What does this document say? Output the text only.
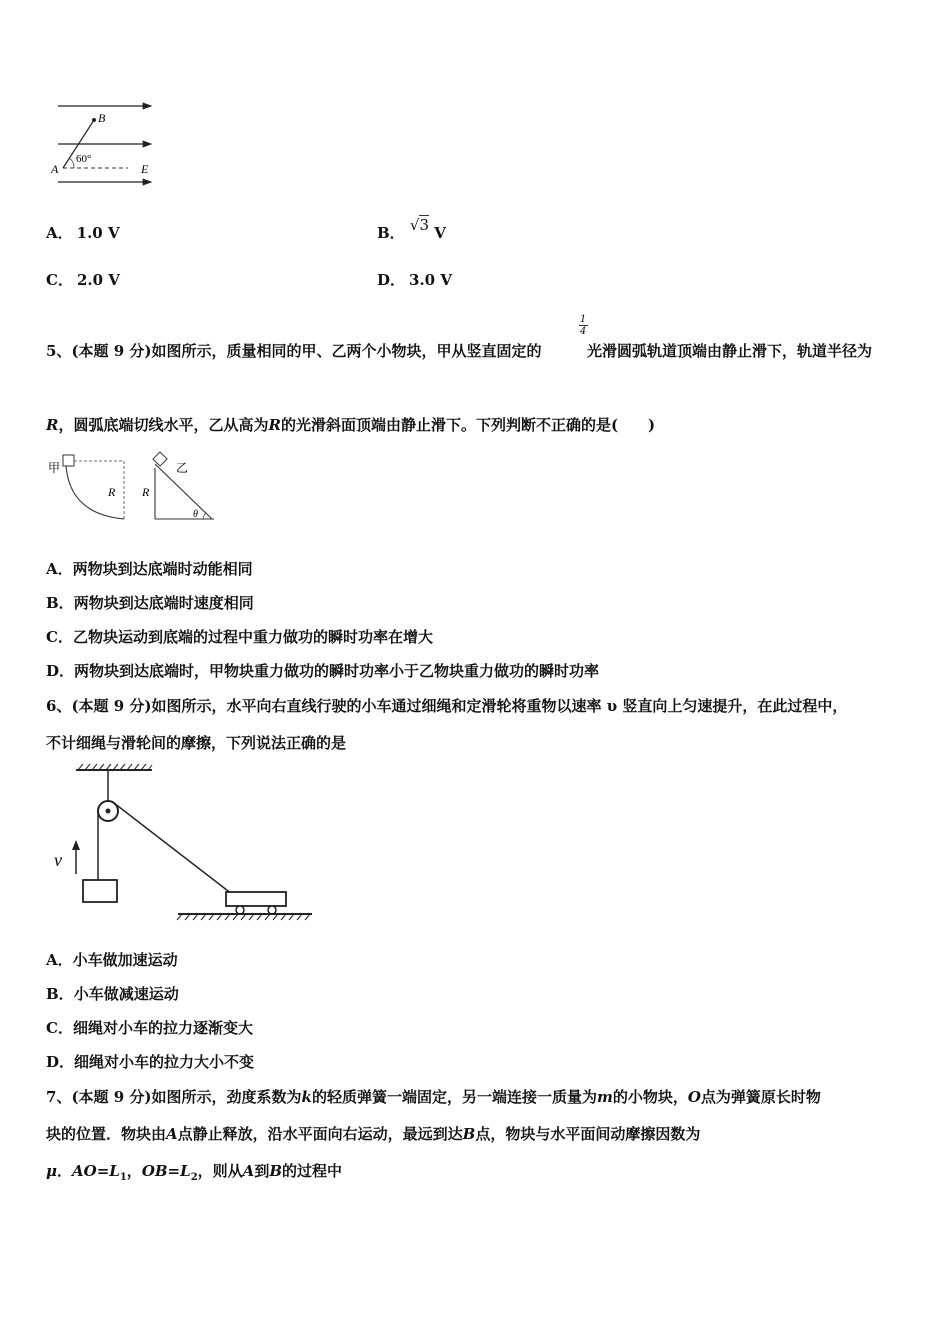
B
A
60°
E
A． 1.0 V	B． √3 V
C． 2.0 V	D． 3.0 V
1
4
5、(本题 9 分)如图所示，质量相同的甲、乙两个小物块，甲从竖直固定的	光滑圆弧轨道顶端由静止滑下，轨道半径为
R，圆弧底端切线水平，乙从高为R的光滑斜面顶端由静止滑下。下列判断不正确的是(　　)
甲
R R
乙
θ
A．两物块到达底端时动能相同
B．两物块到达底端时速度相同
C．乙物块运动到底端的过程中重力做功的瞬时功率在增大
D．两物块到达底端时，甲物块重力做功的瞬时功率小于乙物块重力做功的瞬时功率
6、(本题 9 分)如图所示，水平向右直线行驶的小车通过细绳和定滑轮将重物以速率 υ 竖直向上匀速提升，在此过程中，
不计细绳与滑轮间的摩擦，下列说法正确的是
v
A．小车做加速运动
B．小车做减速运动
C．细绳对小车的拉力逐渐变大
D．细绳对小车的拉力大小不变
7、(本题 9 分)如图所示，劲度系数为k的轻质弹簧一端固定，另一端连接一质量为m的小物块，O点为弹簧原长时物
块的位置．物块由A点静止释放，沿水平面向右运动，最远到达B点，物块与水平面间动摩擦因数为
μ．$AO=L_1$，$OB=L_2$，则从A到B的过程中
